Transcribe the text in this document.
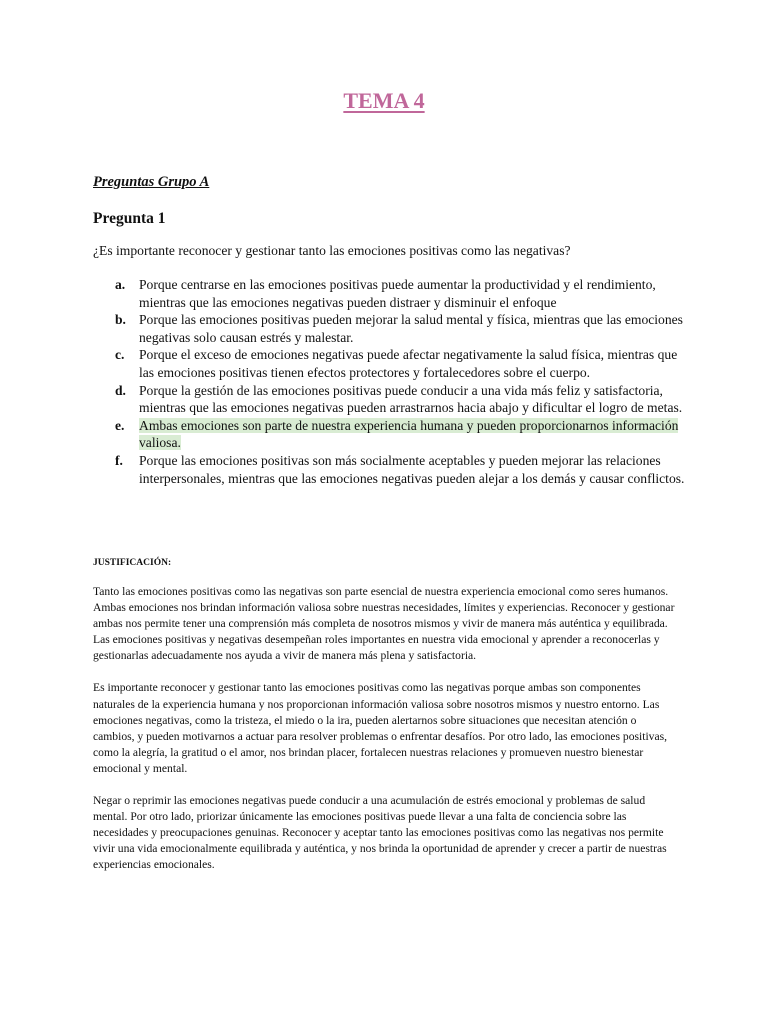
TEMA 4
Preguntas Grupo A
Pregunta 1

¿Es importante reconocer y gestionar tanto las emociones positivas como las negativas?

a.	Porque centrarse en las emociones positivas puede aumentar la productividad y el rendimiento, mientras que las emociones negativas pueden distraer y disminuir el enfoque
b. Porque las emociones positivas pueden mejorar la salud mental y física, mientras que las emociones negativas solo causan estrés y malestar.
c.	Porque el exceso de emociones negativas puede afectar negativamente la salud física, mientras que las emociones positivas tienen efectos protectores y fortalecedores sobre el cuerpo.
d. Porque la gestión de las emociones positivas puede conducir a una vida más feliz y satisfactoria, mientras que las emociones negativas pueden arrastrarnos hacia abajo y dificultar el logro de metas.
e.	Ambas emociones son parte de nuestra experiencia humana y pueden proporcionarnos información valiosa.
f.	Porque las emociones positivas son más socialmente aceptables y pueden mejorar las relaciones interpersonales, mientras que las emociones negativas pueden alejar a los demás y causar conflictos.
JUSTIFICACIÓN:

Tanto las emociones positivas como las negativas son parte esencial de nuestra experiencia emocional como seres humanos. Ambas emociones nos brindan información valiosa sobre nuestras necesidades, límites y experiencias. Reconocer y gestionar ambas nos permite tener una comprensión más completa de nosotros mismos y vivir de manera más auténtica y equilibrada. Las emociones positivas y negativas desempeñan roles importantes en nuestra vida emocional y aprender a reconocerlas y gestionarlas adecuadamente nos ayuda a vivir de manera más plena y satisfactoria.

Es importante reconocer y gestionar tanto las emociones positivas como las negativas porque ambas son componentes naturales de la experiencia humana y nos proporcionan información valiosa sobre nosotros mismos y nuestro entorno. Las emociones negativas, como la tristeza, el miedo o la ira, pueden alertarnos sobre situaciones que necesitan atención o cambios, y pueden motivarnos a actuar para resolver problemas o enfrentar desafíos. Por otro lado, las emociones positivas, como la alegría, la gratitud o el amor, nos brindan placer, fortalecen nuestras relaciones y promueven nuestro bienestar emocional y mental.

Negar o reprimir las emociones negativas puede conducir a una acumulación de estrés emocional y problemas de salud mental. Por otro lado, priorizar únicamente las emociones positivas puede llevar a una falta de conciencia sobre las necesidades y preocupaciones genuinas. Reconocer y aceptar tanto las emociones positivas como las negativas nos permite vivir una vida emocionalmente equilibrada y auténtica, y nos brinda la oportunidad de aprender y crecer a partir de nuestras experiencias emocionales.
